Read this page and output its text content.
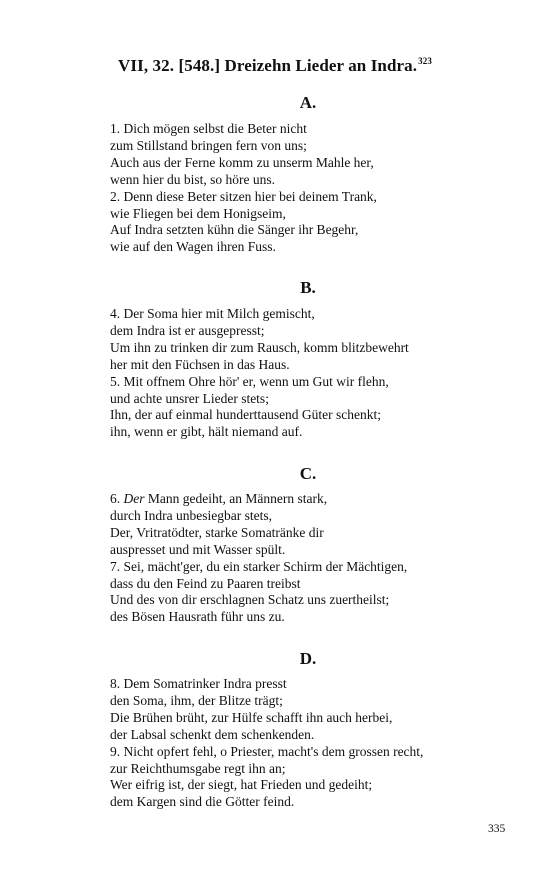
VII, 32. [548.] Dreizehn Lieder an Indra.$^{323}$
A.
1. Dich mögen selbst die Beter nicht
zum Stillstand bringen fern von uns;
Auch aus der Ferne komm zu unserm Mahle her,
wenn hier du bist, so höre uns.
2. Denn diese Beter sitzen hier bei deinem Trank,
wie Fliegen bei dem Honigseim,
Auf Indra setzten kühn die Sänger ihr Begehr,
wie auf den Wagen ihren Fuss.
B.
4. Der Soma hier mit Milch gemischt,
dem Indra ist er ausgepresst;
Um ihn zu trinken dir zum Rausch, komm blitzbewehrt
her mit den Füchsen in das Haus.
5. Mit offnem Ohre hör' er, wenn um Gut wir flehn,
und achte unsrer Lieder stets;
Ihn, der auf einmal hunderttausend Güter schenkt;
ihn, wenn er gibt, hält niemand auf.
C.
6. Der Mann gedeiht, an Männern stark,
durch Indra unbesiegbar stets,
Der, Vritratödter, starke Somatränke dir
auspresset und mit Wasser spült.
7. Sei, mächt'ger, du ein starker Schirm der Mächtigen,
dass du den Feind zu Paaren treibst
Und des von dir erschlagnen Schatz uns zuertheilst;
des Bösen Hausrath führ uns zu.
D.
8. Dem Somatrinker Indra presst
den Soma, ihm, der Blitze trägt;
Die Brühen brüht, zur Hülfe schafft ihn auch herbei,
der Labsal schenkt dem schenkenden.
9. Nicht opfert fehl, o Priester, macht's dem grossen recht,
zur Reichthumsgabe regt ihn an;
Wer eifrig ist, der siegt, hat Frieden und gedeiht;
dem Kargen sind die Götter feind.
335
